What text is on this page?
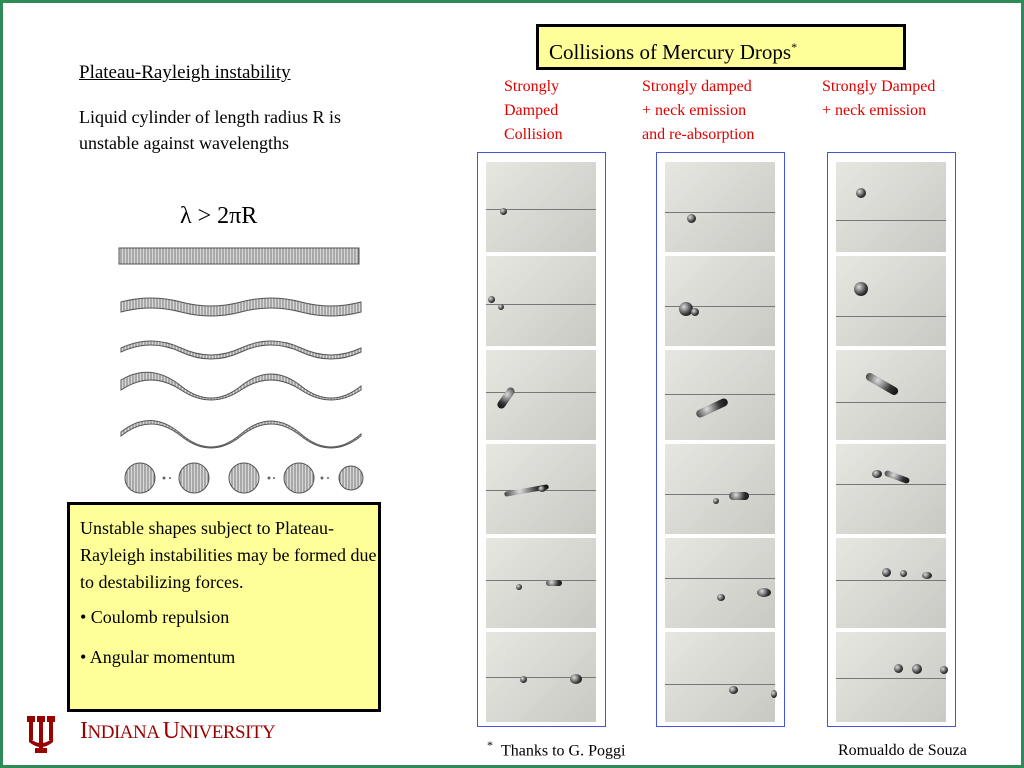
Plateau-Rayleigh instability
Liquid cylinder of length radius R is unstable against wavelengths
λ > 2πR

Unstable shapes subject to Plateau-Rayleigh instabilities may be formed due to destabilizing forces.

• Coulomb repulsion

• Angular momentum

Collisions of Mercury Drops*
Strongly
Damped
Collision
Strongly damped
+ neck emission
and re-absorption
Strongly Damped
+ neck emission
* Thanks to G. Poggi	Romualdo de Souza
INDIANA UNIVERSITY
